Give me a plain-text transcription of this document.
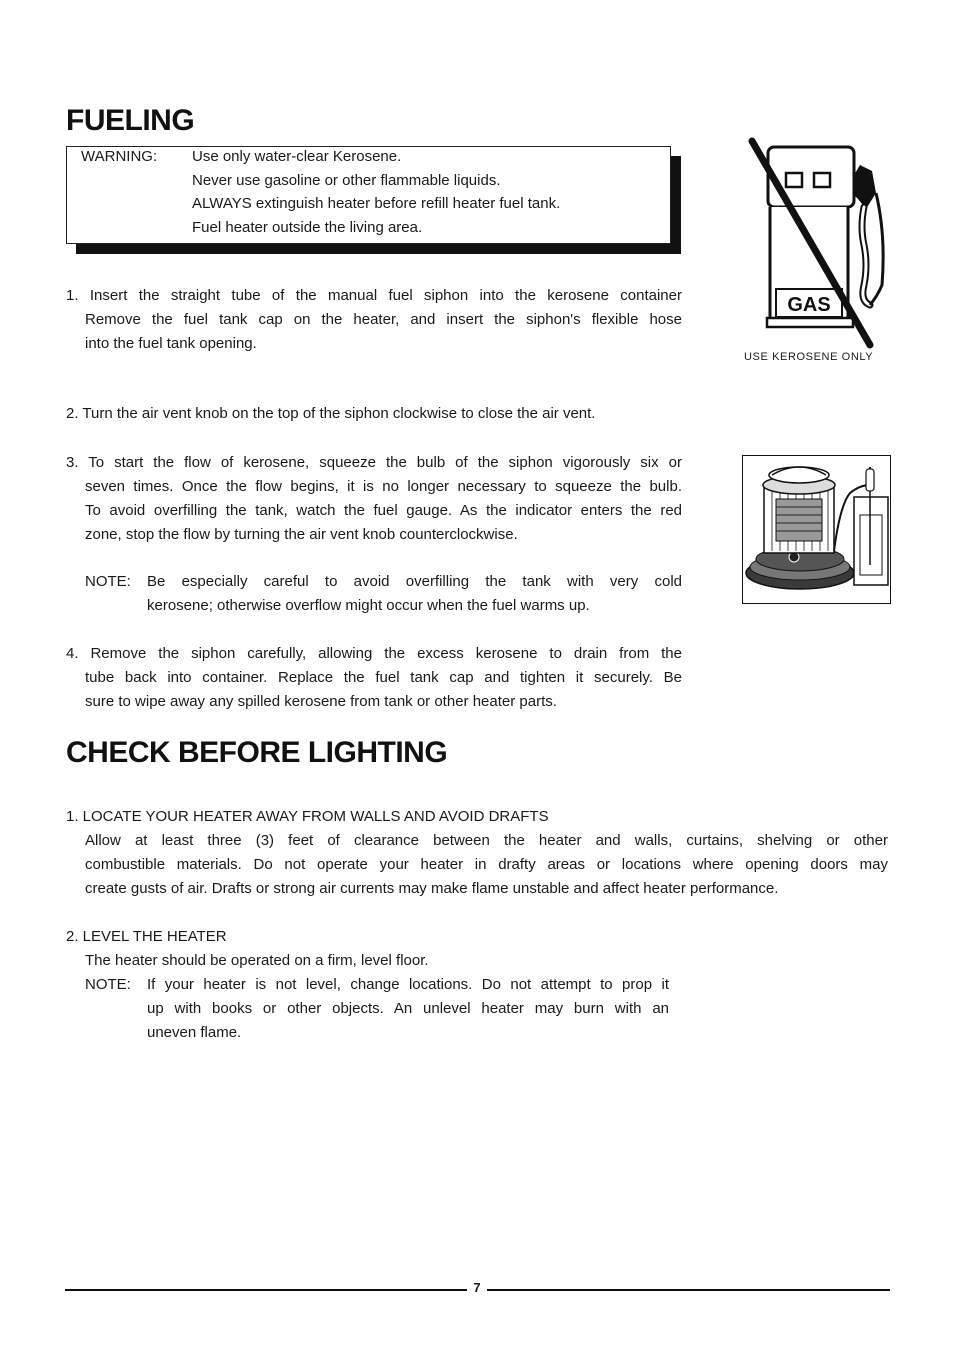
FUELING
WARNING: Use only water-clear Kerosene.
Never use gasoline or other flammable liquids.
ALWAYS extinguish heater before refill heater fuel tank.
Fuel heater outside the living area.
1. Insert the straight tube of the manual fuel siphon into the kerosene container
Remove the fuel tank cap on the heater, and insert the siphon's flexible hose
into the fuel tank opening.
2. Turn the air vent knob on the top of the siphon clockwise to close the air vent.
3. To start the flow of kerosene, squeeze the bulb of the siphon vigorously six or
seven times. Once the flow begins, it is no longer necessary to squeeze the bulb.
To avoid overfilling the tank, watch the fuel gauge. As the indicator enters the red
zone, stop the flow by turning the air vent knob counterclockwise.
NOTE: Be especially careful to avoid overfilling the tank with very cold
kerosene; otherwise overflow might occur when the fuel warms up.
4. Remove the siphon carefully, allowing the excess kerosene to drain from the
tube back into container. Replace the fuel tank cap and tighten it securely. Be
sure to wipe away any spilled kerosene from tank or other heater parts.
GAS
USE KEROSENE ONLY
CHECK BEFORE LIGHTING
1. LOCATE YOUR HEATER AWAY FROM WALLS AND AVOID DRAFTS
Allow at least three (3) feet of clearance between the heater and walls, curtains, shelving or other
combustible materials. Do not operate your heater in drafty areas or locations where opening doors may
create gusts of air. Drafts or strong air currents may make flame unstable and affect heater performance.
2. LEVEL THE HEATER
The heater should be operated on a firm, level floor.
NOTE: If your heater is not level, change locations. Do not attempt to prop it
up with books or other objects. An unlevel heater may burn with an
uneven flame.
7
